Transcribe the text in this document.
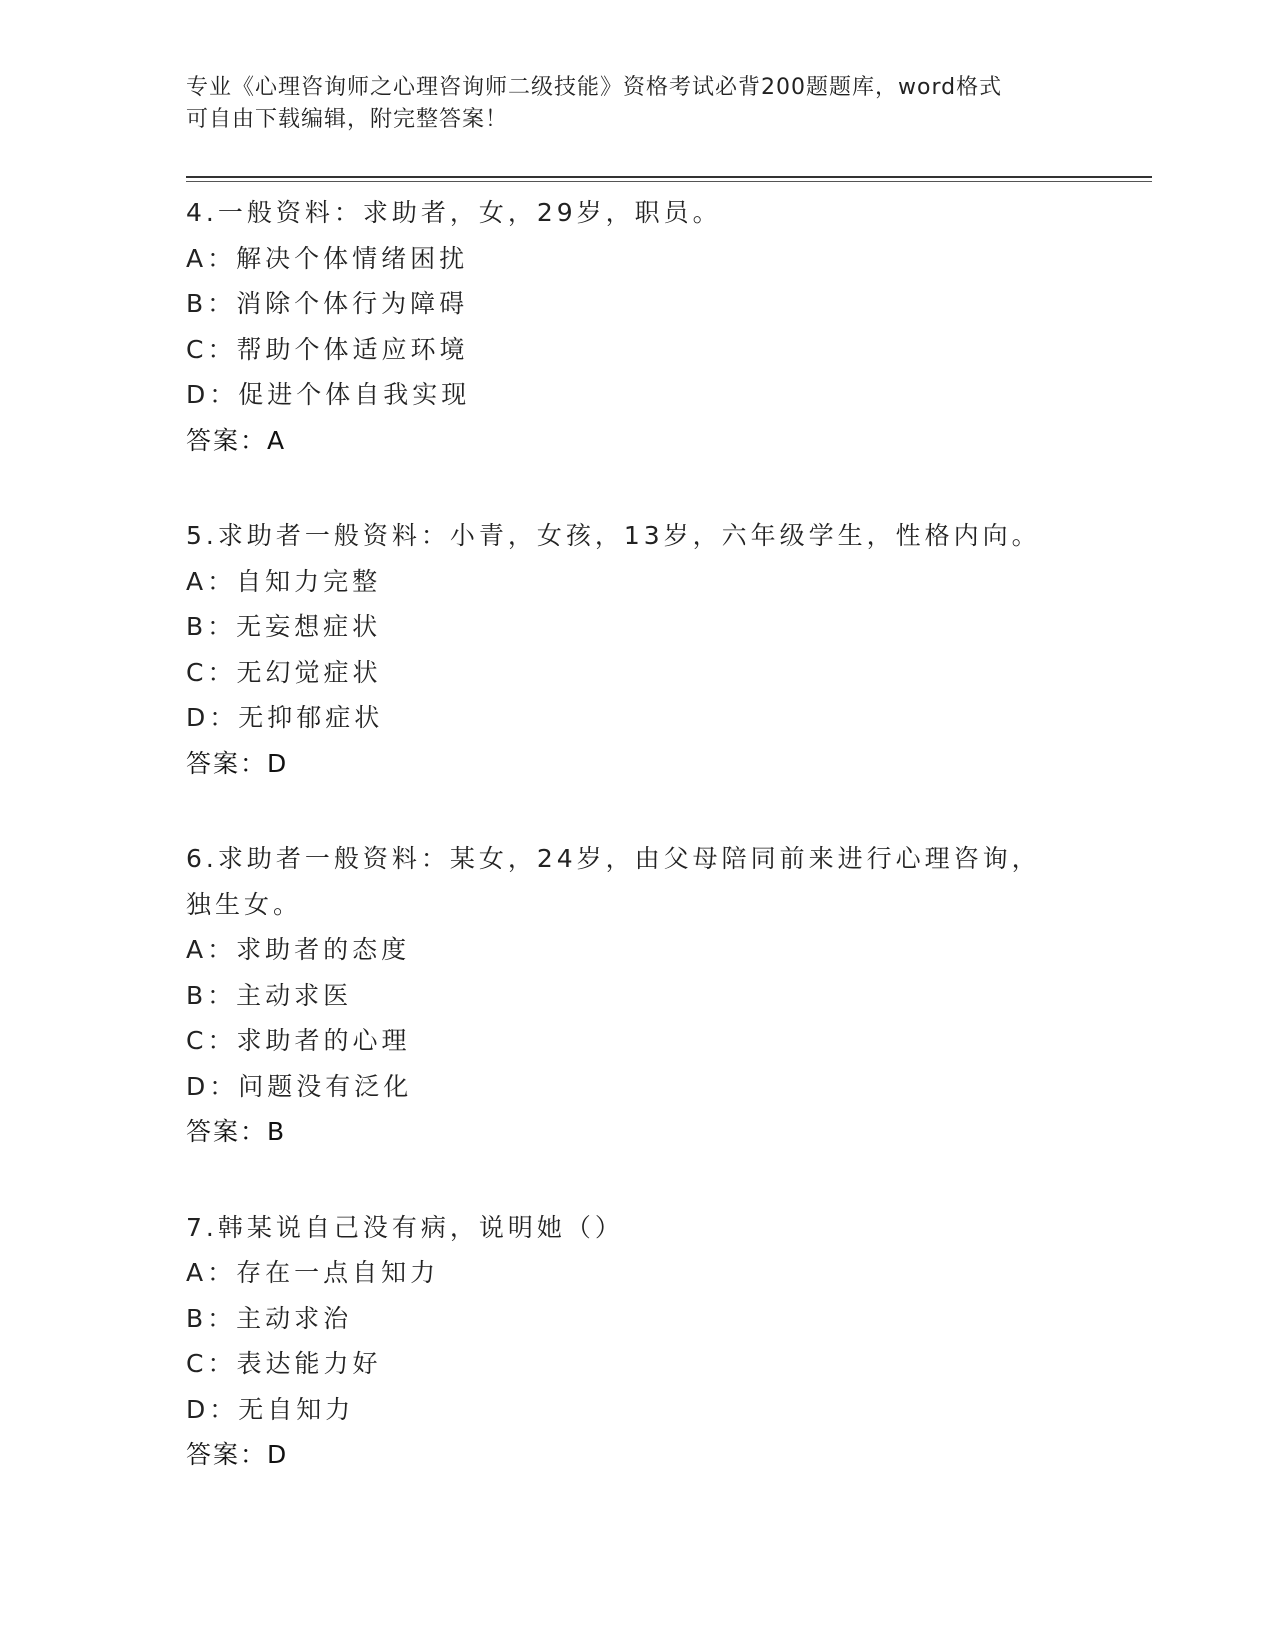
专业《心理咨询师之心理咨询师二级技能》资格考试必背200题题库，word格式
可自由下载编辑，附完整答案！
4.一般资料：求助者，女，29岁，职员。
A：解决个体情绪困扰
B：消除个体行为障碍
C：帮助个体适应环境
D：促进个体自我实现
答案：A
5.求助者一般资料：小青，女孩，13岁，六年级学生，性格内向。
A：自知力完整
B：无妄想症状
C：无幻觉症状
D：无抑郁症状
答案：D
6.求助者一般资料：某女，24岁，由父母陪同前来进行心理咨询，独生女。
A：求助者的态度
B：主动求医
C：求助者的心理
D：问题没有泛化
答案：B
7.韩某说自己没有病，说明她（）
A：存在一点自知力
B：主动求治
C：表达能力好
D：无自知力
答案：D
